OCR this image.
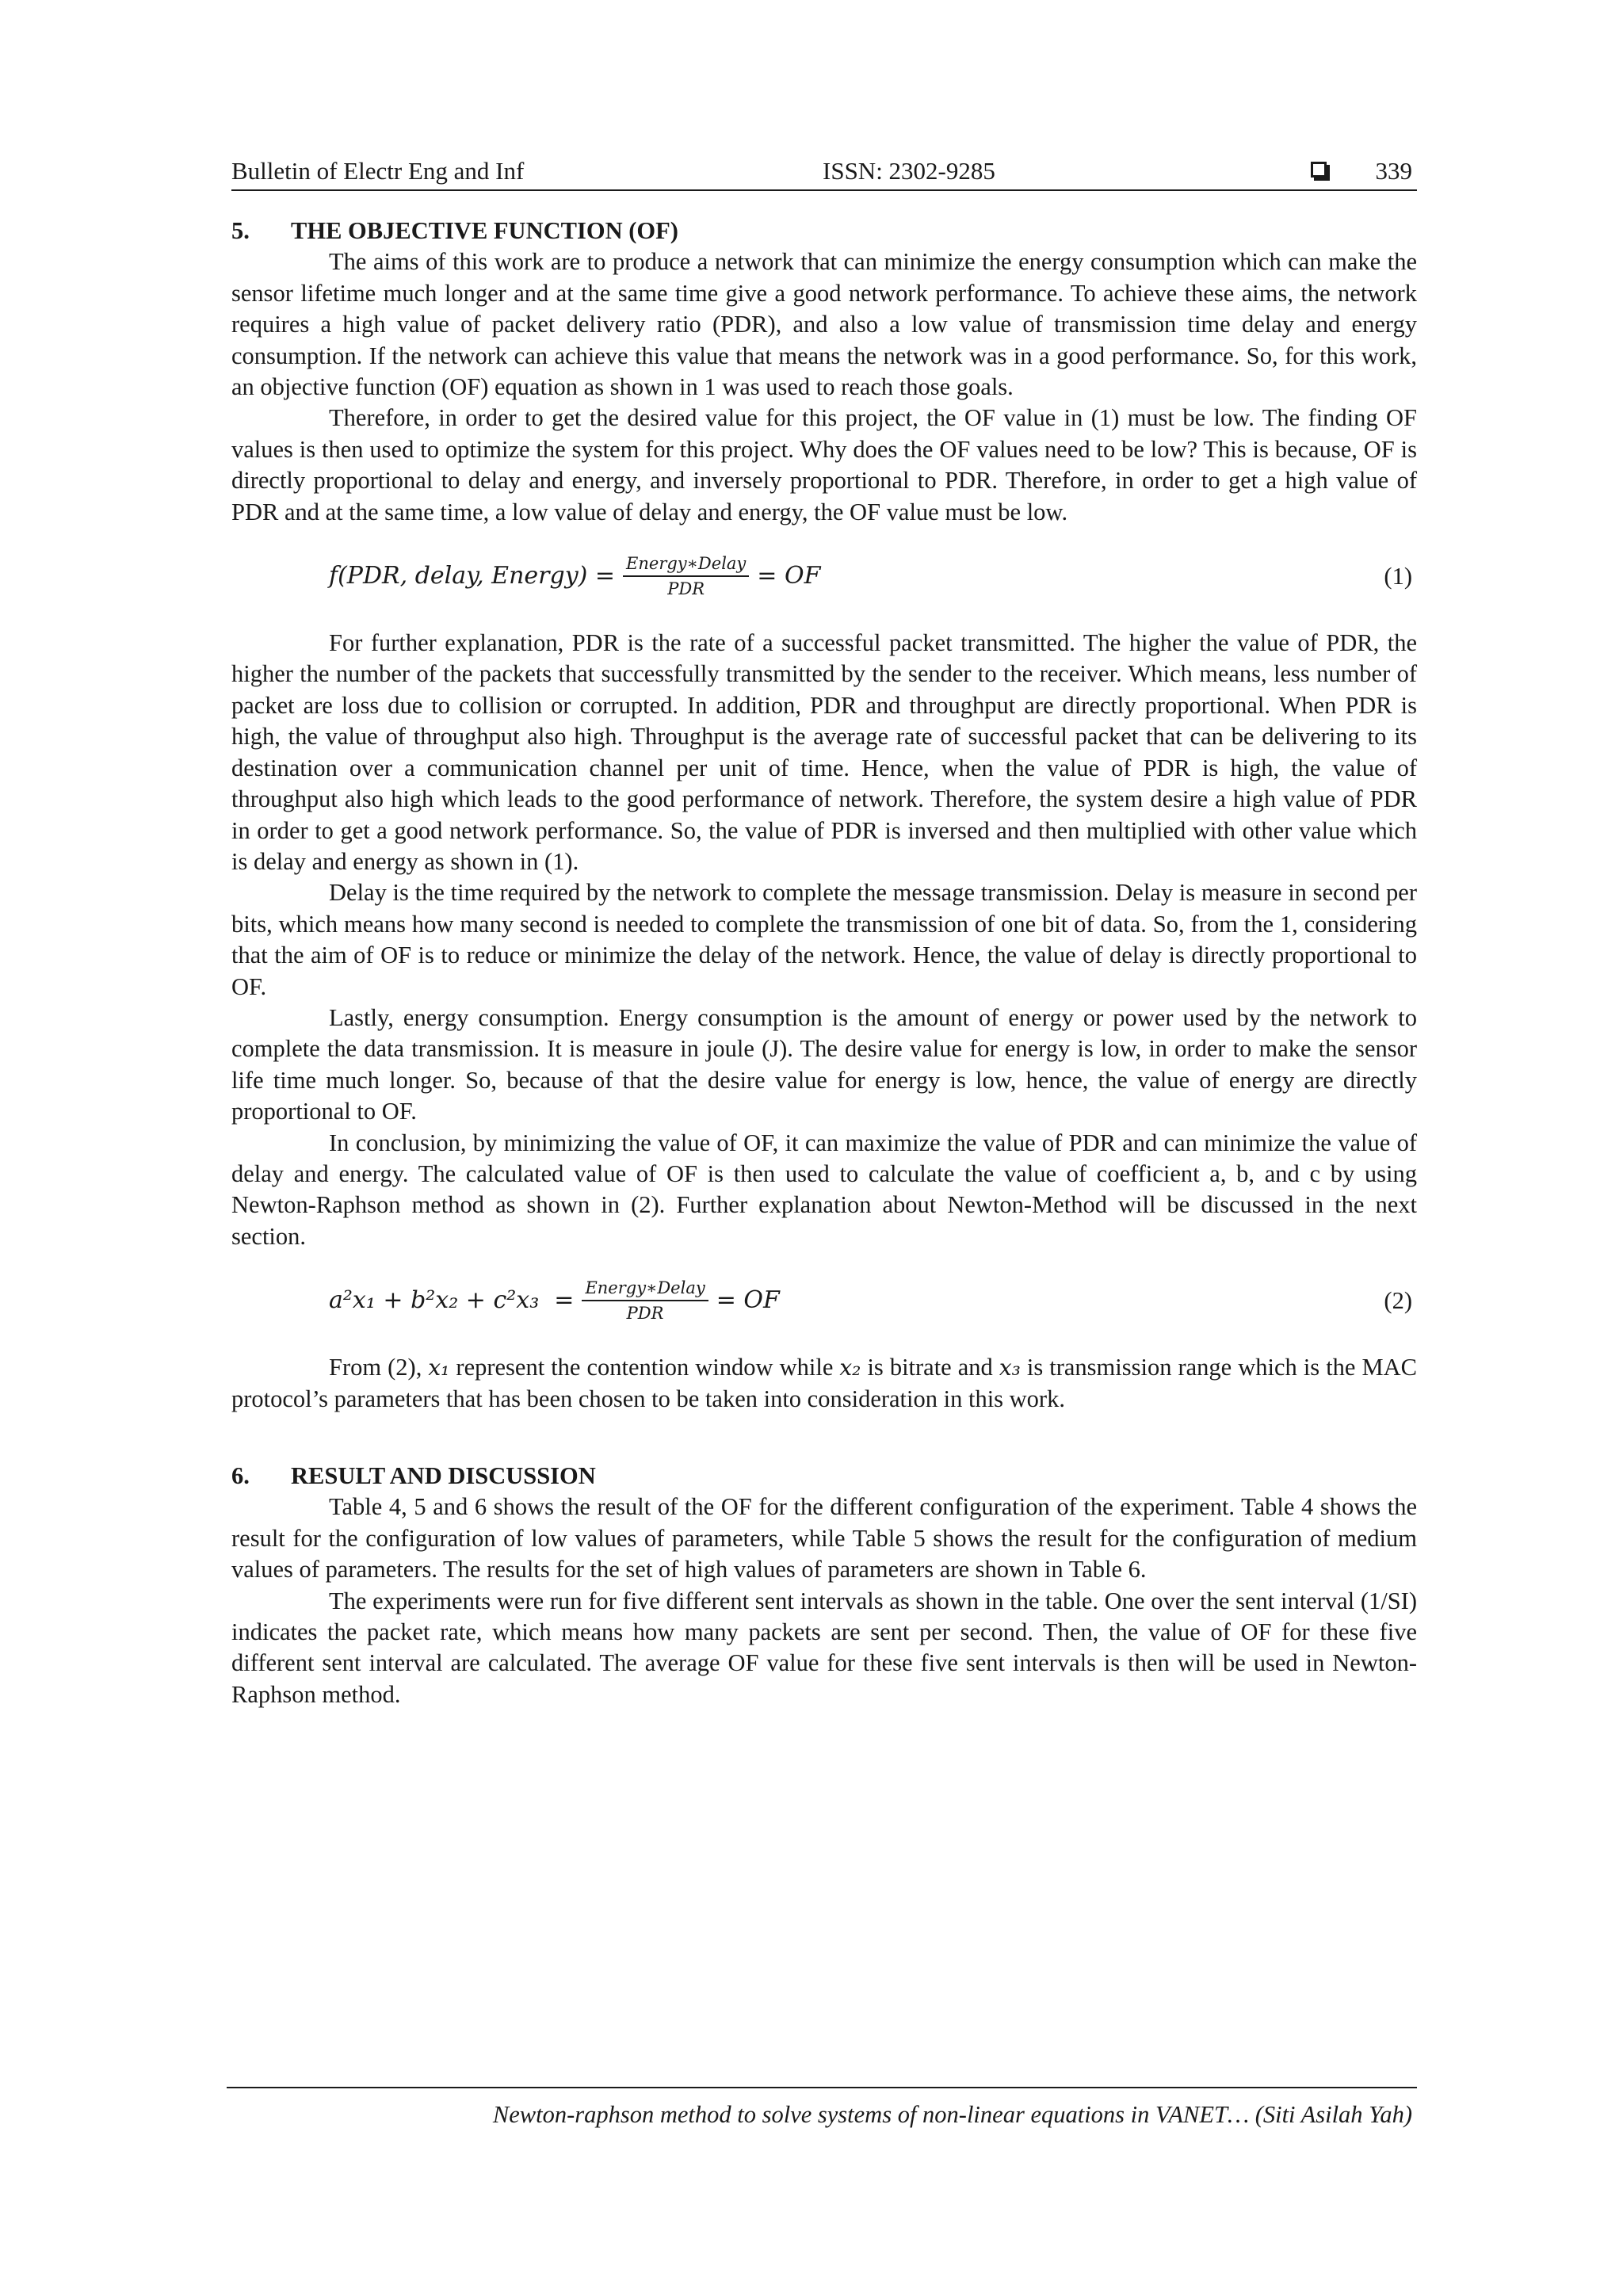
Bulletin of Electr Eng and Inf	ISSN: 2302-9285	339
5. THE OBJECTIVE FUNCTION (OF)

The aims of this work are to produce a network that can minimize the energy consumption which can make the sensor lifetime much longer and at the same time give a good network performance. To achieve these aims, the network requires a high value of packet delivery ratio (PDR), and also a low value of transmission time delay and energy consumption. If the network can achieve this value that means the network was in a good performance. So, for this work, an objective function (OF) equation as shown in 1 was used to reach those goals.

Therefore, in order to get the desired value for this project, the OF value in (1) must be low. The finding OF values is then used to optimize the system for this project. Why does the OF values need to be low? This is because, OF is directly proportional to delay and energy, and inversely proportional to PDR. Therefore, in order to get a high value of PDR and at the same time, a low value of delay and energy, the OF value must be low.

f(PDR, delay, Energy) = $\frac{\text{Energy∗Delay}}{\text{PDR}}$ = OF	(1)

For further explanation, PDR is the rate of a successful packet transmitted. The higher the value of PDR, the higher the number of the packets that successfully transmitted by the sender to the receiver. Which means, less number of packet are loss due to collision or corrupted. In addition, PDR and throughput are directly proportional. When PDR is high, the value of throughput also high. Throughput is the average rate of successful packet that can be delivering to its destination over a communication channel per unit of time. Hence, when the value of PDR is high, the value of throughput also high which leads to the good performance of network. Therefore, the system desire a high value of PDR in order to get a good network performance. So, the value of PDR is inversed and then multiplied with other value which is delay and energy as shown in (1).

Delay is the time required by the network to complete the message transmission. Delay is measure in second per bits, which means how many second is needed to complete the transmission of one bit of data. So, from the 1, considering that the aim of OF is to reduce or minimize the delay of the network. Hence, the value of delay is directly proportional to OF.

Lastly, energy consumption. Energy consumption is the amount of energy or power used by the network to complete the data transmission. It is measure in joule (J). The desire value for energy is low, in order to make the sensor life time much longer. So, because of that the desire value for energy is low, hence, the value of energy are directly proportional to OF.

In conclusion, by minimizing the value of OF, it can maximize the value of PDR and can minimize the value of delay and energy. The calculated value of OF is then used to calculate the value of coefficient a, b, and c by using Newton-Raphson method as shown in (2). Further explanation about Newton-Method will be discussed in the next section.

$a^2x_1 + b^2x_2 + c^2x_3 = \frac{\text{Energy∗Delay}}{\text{PDR}}$ = OF	(2)

From (2), x₁ represent the contention window while x₂ is bitrate and x₃ is transmission range which is the MAC protocol’s parameters that has been chosen to be taken into consideration in this work.

6. RESULT AND DISCUSSION

Table 4, 5 and 6 shows the result of the OF for the different configuration of the experiment. Table 4 shows the result for the configuration of low values of parameters, while Table 5 shows the result for the configuration of medium values of parameters. The results for the set of high values of parameters are shown in Table 6.

The experiments were run for five different sent intervals as shown in the table. One over the sent interval (1/SI) indicates the packet rate, which means how many packets are sent per second. Then, the value of OF for these five different sent interval are calculated. The average OF value for these five sent intervals is then will be used in Newton-Raphson method.

Newton-raphson method to solve systems of non-linear equations in VANET… (Siti Asilah Yah)
